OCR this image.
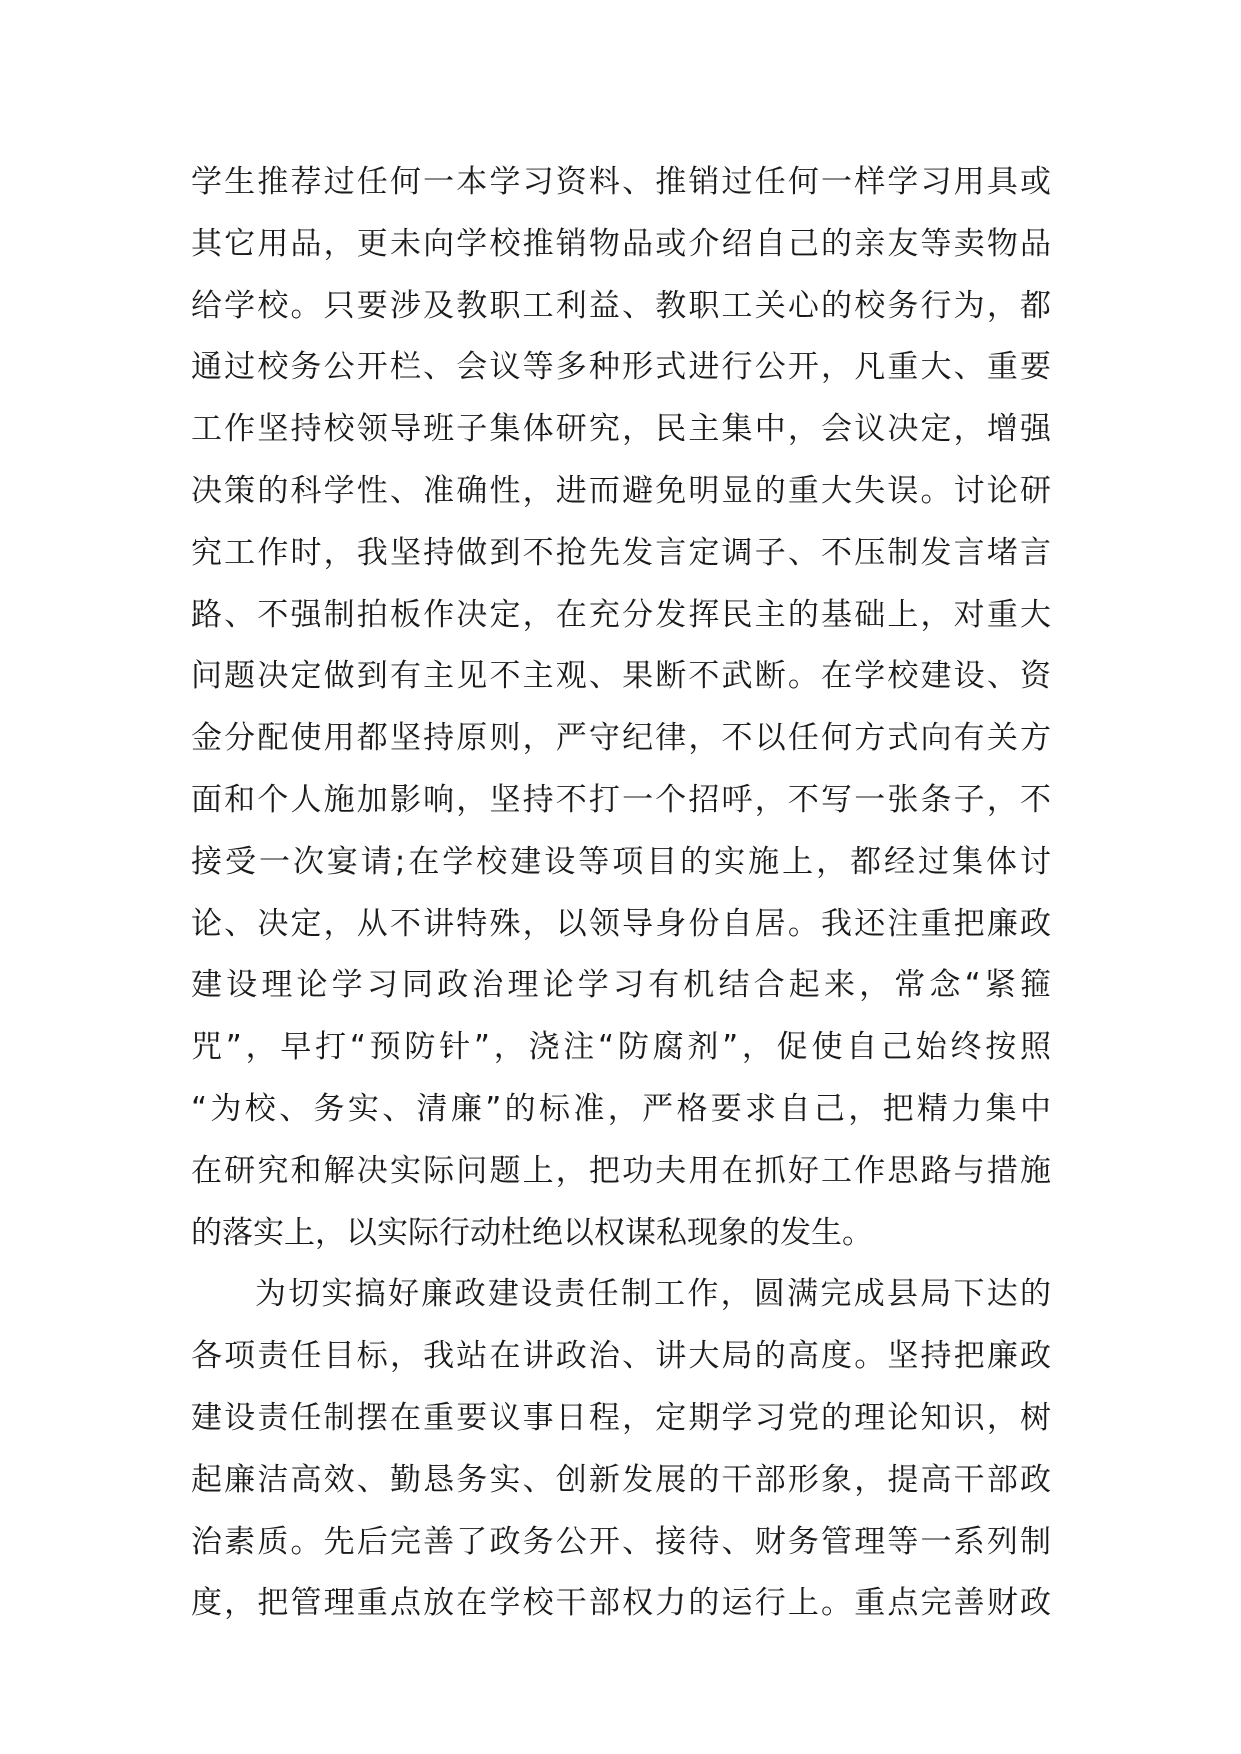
学生推荐过任何一本学习资料、推销过任何一样学习用具或
其它用品，更未向学校推销物品或介绍自己的亲友等卖物品
给学校。只要涉及教职工利益、教职工关心的校务行为，都
通过校务公开栏、会议等多种形式进行公开，凡重大、重要
工作坚持校领导班子集体研究，民主集中，会议决定，增强
决策的科学性、准确性，进而避免明显的重大失误。讨论研
究工作时，我坚持做到不抢先发言定调子、不压制发言堵言
路、不强制拍板作决定，在充分发挥民主的基础上，对重大
问题决定做到有主见不主观、果断不武断。在学校建设、资
金分配使用都坚持原则，严守纪律，不以任何方式向有关方
面和个人施加影响，坚持不打一个招呼，不写一张条子，不
接受一次宴请;在学校建设等项目的实施上，都经过集体讨
论、决定，从不讲特殊，以领导身份自居。我还注重把廉政
建设理论学习同政治理论学习有机结合起来，常念“紧箍
咒”，早打“预防针”，浇注“防腐剂”，促使自己始终按照
“为校、务实、清廉”的标准，严格要求自己，把精力集中
在研究和解决实际问题上，把功夫用在抓好工作思路与措施
的落实上，以实际行动杜绝以权谋私现象的发生。
为切实搞好廉政建设责任制工作，圆满完成县局下达的
各项责任目标，我站在讲政治、讲大局的高度。坚持把廉政
建设责任制摆在重要议事日程，定期学习党的理论知识，树
起廉洁高效、勤恳务实、创新发展的干部形象，提高干部政
治素质。先后完善了政务公开、接待、财务管理等一系列制
度，把管理重点放在学校干部权力的运行上。重点完善财政
